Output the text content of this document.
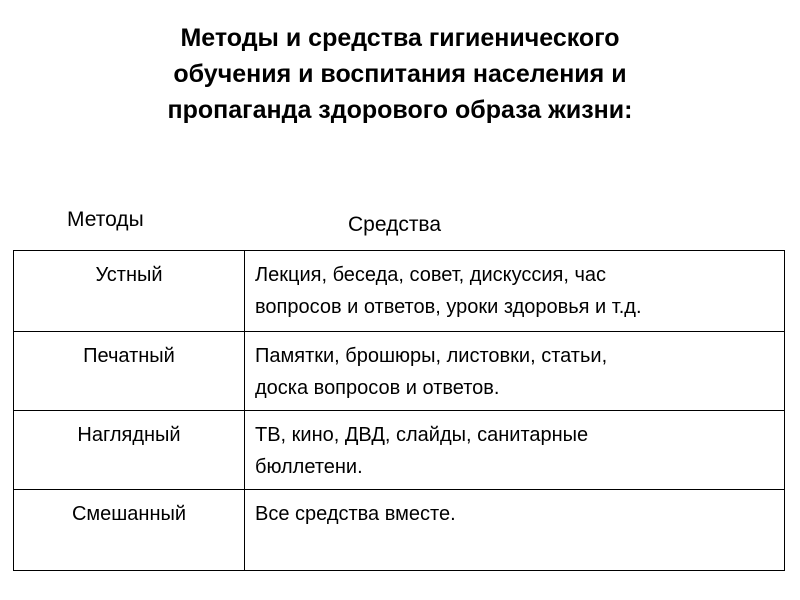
Методы и средства гигиенического
обучения и воспитания населения и
пропаганда здорового образа жизни:
Методы	Средства
Устный	Лекция, беседа, совет, дискуссия, час
вопросов и ответов, уроки здоровья и т.д.

Печатный	Памятки, брошюры, листовки, статьи,
доска вопросов и ответов.

Наглядный	ТВ, кино, ДВД, слайды, санитарные
бюллетени.

Смешанный	Все средства вместе.
